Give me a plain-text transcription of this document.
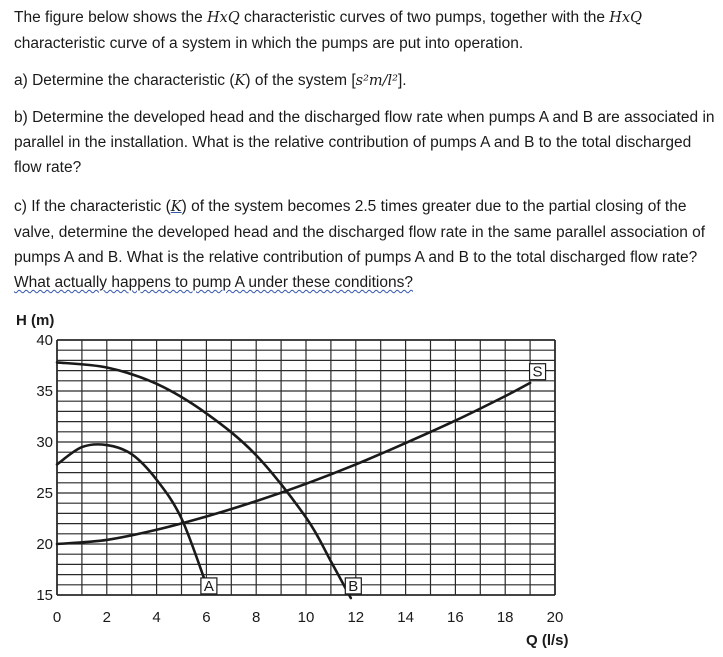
The figure below shows the HxQ characteristic curves of two pumps, together with the HxQ characteristic curve of a system in which the pumps are put into operation.

a) Determine the characteristic (K) of the system [s²m/l²].

b) Determine the developed head and the discharged flow rate when pumps A and B are associated in parallel in the installation. What is the relative contribution of pumps A and B to the total discharged flow rate?

c) If the characteristic (K) of the system becomes 2.5 times greater due to the partial closing of the valve, determine the developed head and the discharged flow rate in the same parallel association of pumps A and B. What is the relative contribution of pumps A and B to the total discharged flow rate? What actually happens to pump A under these conditions?

H (m)
Q (l/s)
15
20
25
30
35
40
0	2	4	6	8 10 12 14 16 18 20
A	B
S
